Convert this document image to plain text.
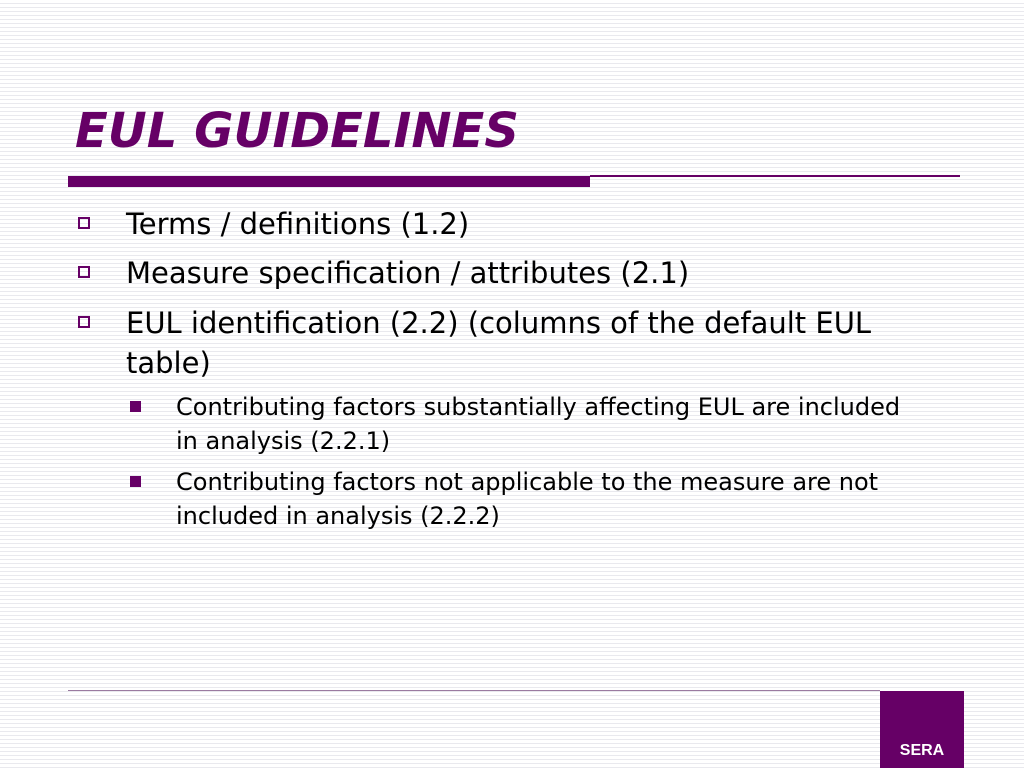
EUL GUIDELINES
Terms / definitions (1.2)
Measure specification / attributes (2.1)
EUL identification (2.2) (columns of the default EUL table)
Contributing factors substantially affecting EUL are included in analysis (2.2.1)
Contributing factors not applicable to the measure are not included in analysis (2.2.2)
SERA
